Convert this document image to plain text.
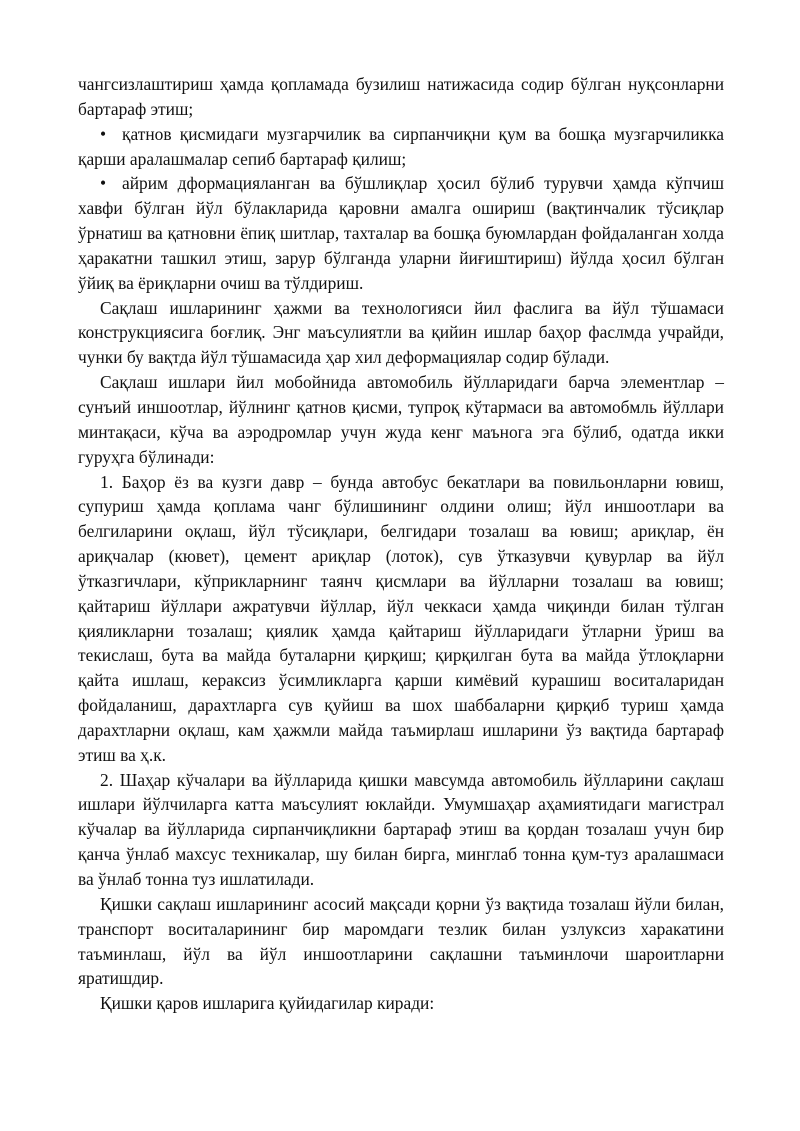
чангсизлаштириш ҳамда қопламада бузилиш натижасида содир бўлган нуқсонларни бартараф этиш;

• қатнов қисмидаги музгарчилик ва сирпанчиқни қум ва бошқа музгарчиликка қарши аралашмалар сепиб бартараф қилиш;

• айрим дформацияланган ва бўшлиқлар ҳосил бўлиб турувчи ҳамда кўпчиш хавфи бўлган йўл бўлакларида қаровни амалга ошириш (вақтинчалик тўсиқлар ўрнатиш ва қатновни ёпиқ шитлар, тахталар ва бошқа буюмлардан фойдаланган холда ҳаракатни ташкил этиш, зарур бўлганда уларни йиғиштириш) йўлда ҳосил бўлган ўйиқ ва ёриқларни очиш ва тўлдириш.

Сақлаш ишларининг ҳажми ва технологияси йил фаслига ва йўл тўшамаси конструкциясига боғлиқ. Энг маъсулиятли ва қийин ишлар баҳор фаслмда учрайди, чунки бу вақтда йўл тўшамасида ҳар хил деформациялар содир бўлади.

Сақлаш ишлари йил мобойнида автомобиль йўлларидаги барча элементлар – сунъий иншоотлар, йўлнинг қатнов қисми, тупроқ кўтармаси ва автомобмль йўллари минтақаси, кўча ва аэродромлар учун жуда кенг маънога эга бўлиб, одатда икки гуруҳга бўлинади:

1. Баҳор ёз ва кузги давр – бунда автобус бекатлари ва повильонларни ювиш, супуриш ҳамда қоплама чанг бўлишининг олдини олиш; йўл иншоотлари ва белгиларини оқлаш, йўл тўсиқлари, белгидари тозалаш ва ювиш; ариқлар, ён ариқчалар (кювет), цемент ариқлар (лоток), сув ўтказувчи қувурлар ва йўл ўтказгичлари, кўприкларнинг таянч қисмлари ва йўлларни тозалаш ва ювиш; қайтариш йўллари ажратувчи йўллар, йўл чеккаси ҳамда чиқинди билан тўлган қияликларни тозалаш; қиялик ҳамда қайтариш йўлларидаги ўтларни ўриш ва текислаш, бута ва майда буталарни қирқиш; қирқилган бута ва майда ўтлоқларни қайта ишлаш, кераксиз ўсимликларга қарши кимёвий курашиш воситаларидан фойдаланиш, дарахтларга сув қуйиш ва шох шаббаларни қирқиб туриш ҳамда дарахтларни оқлаш, кам ҳажмли майда таъмирлаш ишларини ўз вақтида бартараф этиш ва ҳ.к.

2. Шаҳар кўчалари ва йўлларида қишки мавсумда автомобиль йўлларини сақлаш ишлари йўлчиларга катта маъсулият юклайди. Умумшаҳар аҳамиятидаги магистрал кўчалар ва йўлларида сирпанчиқликни бартараф этиш ва қордан тозалаш учун бир қанча ўнлаб махсус техникалар, шу билан бирга, минглаб тонна қум-туз аралашмаси ва ўнлаб тонна туз ишлатилади.

Қишки сақлаш ишларининг асосий мақсади қорни ўз вақтида тозалаш йўли билан, транспорт воситаларининг бир маромдаги тезлик билан узлуксиз харакатини таъминлаш, йўл ва йўл иншоотларини сақлашни таъминлочи шароитларни яратишдир.

Қишки қаров ишларига қуйидагилар киради:
